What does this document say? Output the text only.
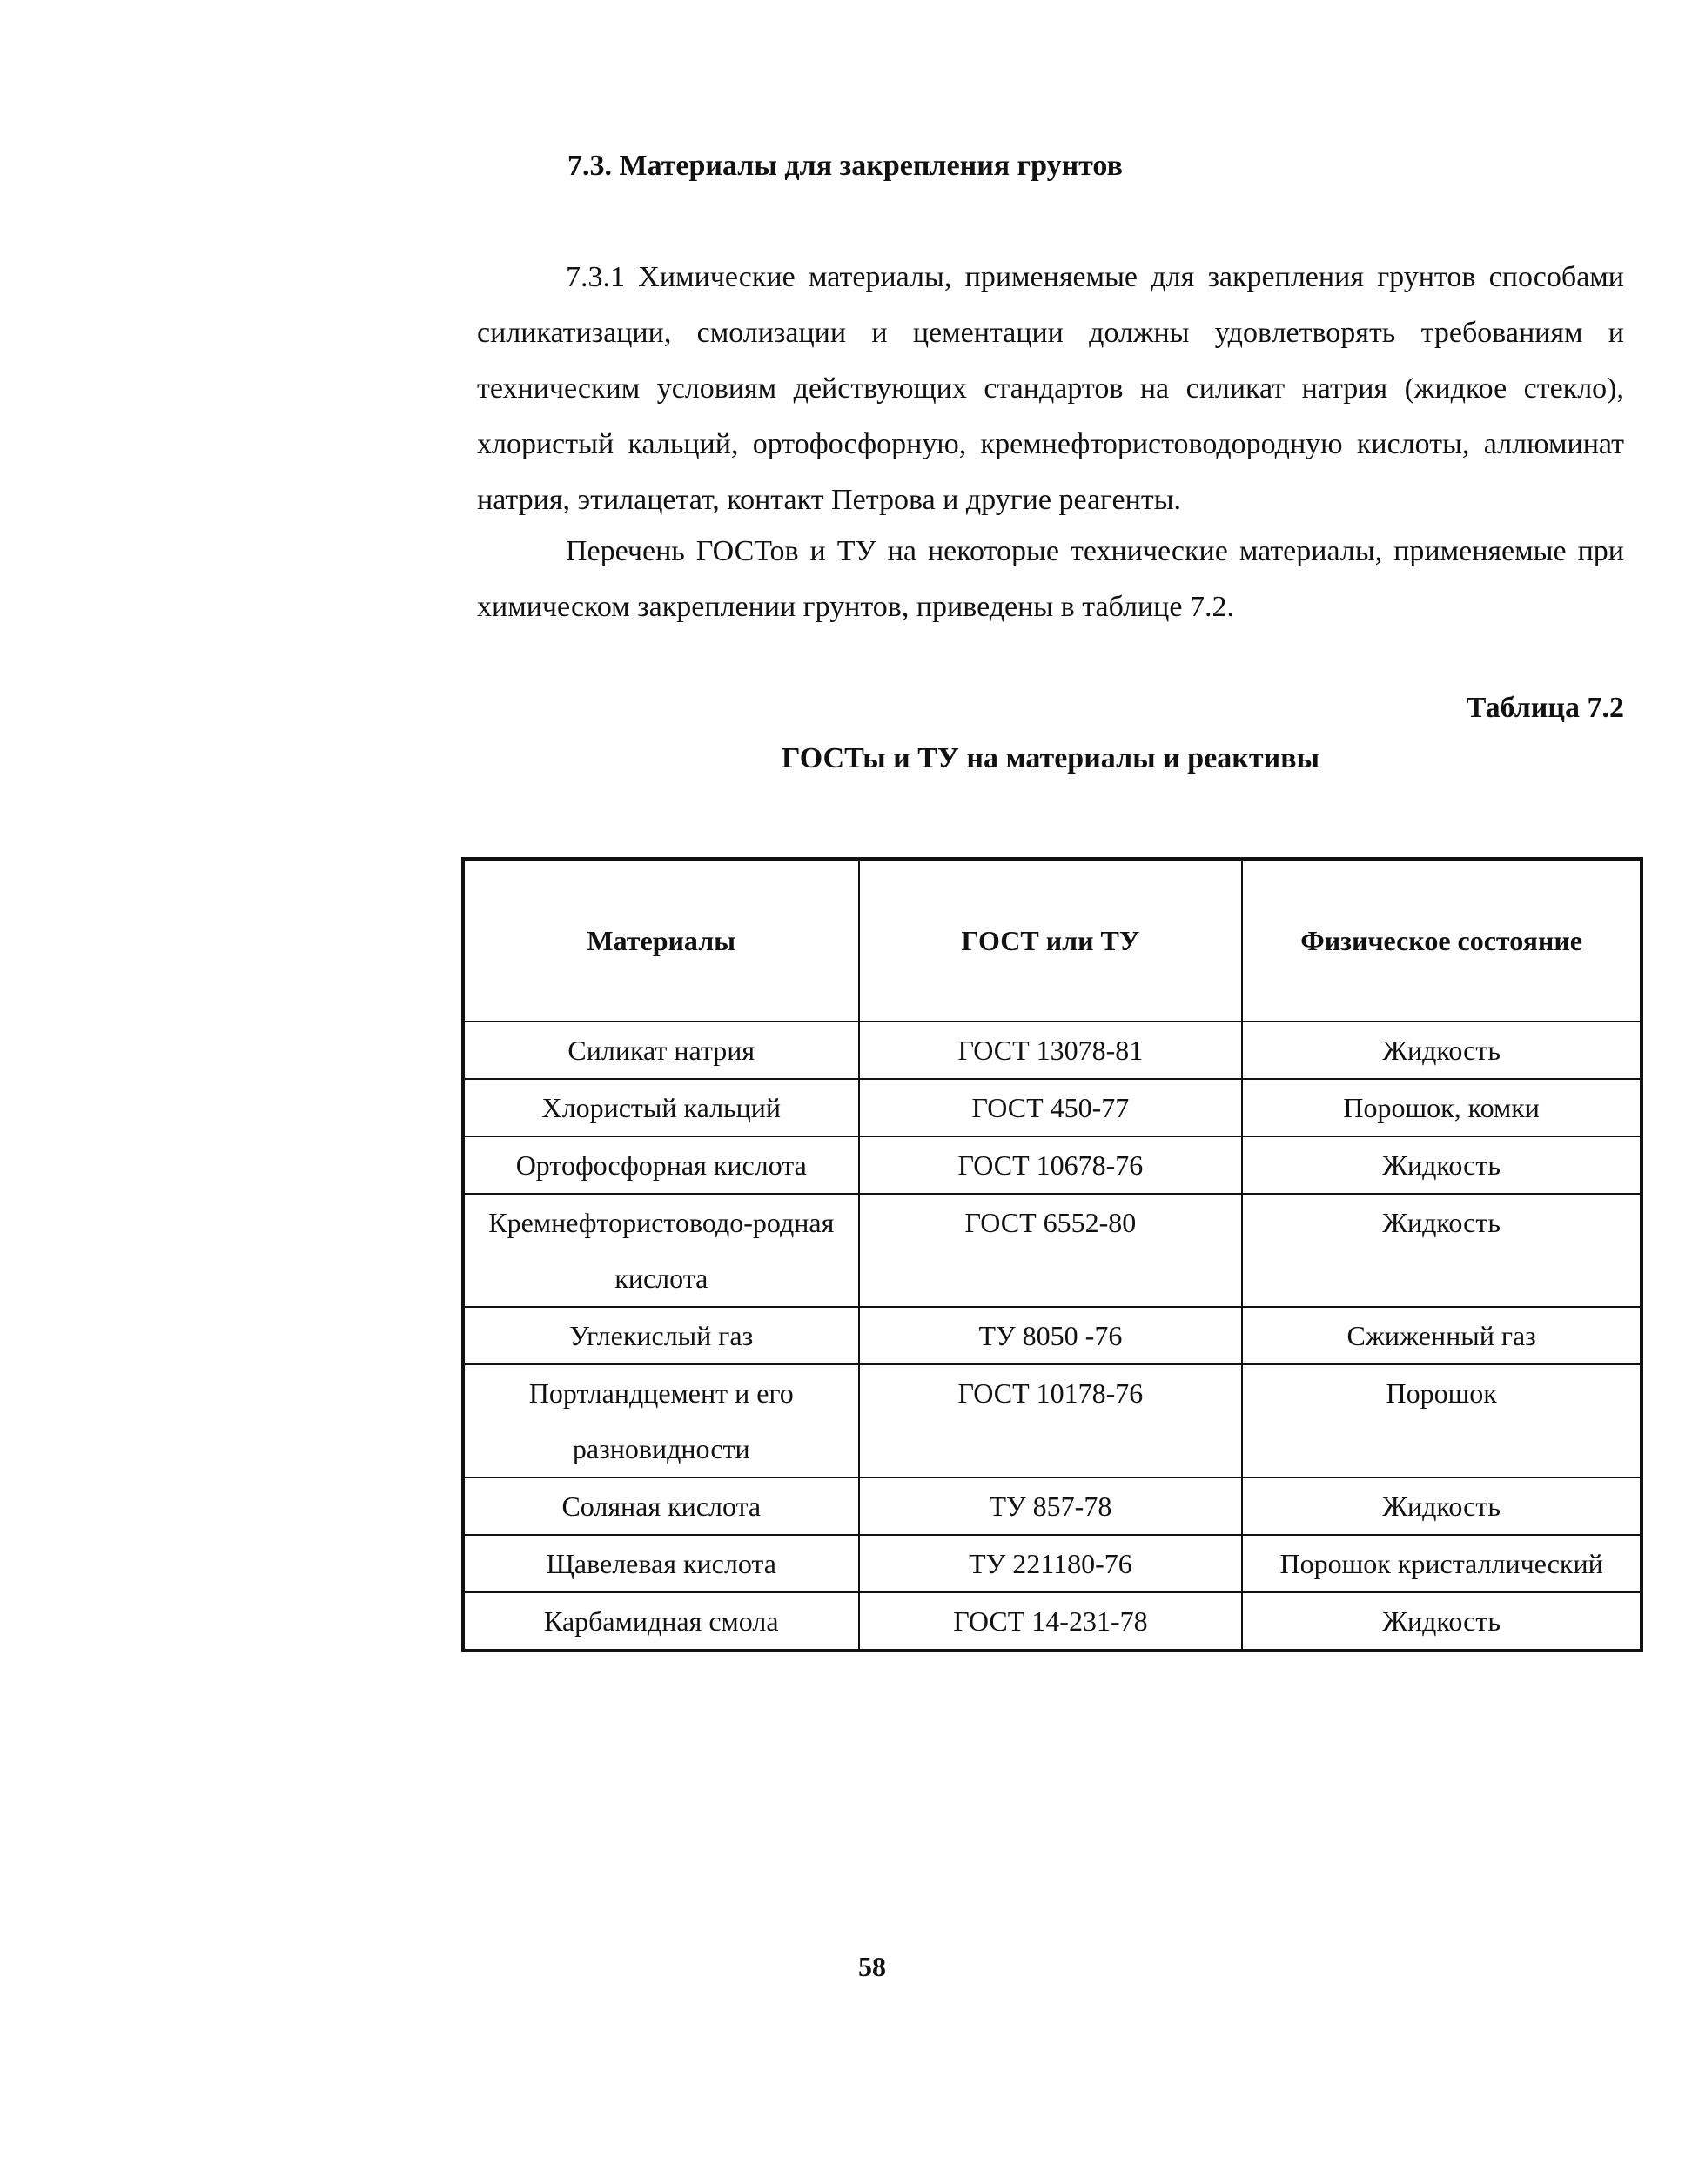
7.3. Материалы для закрепления грунтов

7.3.1 Химические материалы, применяемые для закрепления грунтов способами силикатизации, смолизации и цементации должны удовлетворять требованиям и техническим условиям действующих стандартов на силикат натрия (жидкое стекло), хлористый кальций, ортофосфорную, кремнефтористоводородную кислоты, аллюминат натрия, этилацетат, контакт Петрова и другие реагенты.

Перечень ГОСТов и ТУ на некоторые технические материалы, применяемые при химическом закреплении грунтов, приведены в таблице 7.2.

Таблица 7.2
ГОСТы и ТУ на материалы и реактивы
Материалы	ГОСТ или ТУ	Физическое состояние
Силикат натрия	ГОСТ 13078-81	Жидкость
Хлористый кальций	ГОСТ 450-77	Порошок, комки
Ортофосфорная кислота	ГОСТ 10678-76	Жидкость
Кремнефтористоводо-родная кислота	ГОСТ 6552-80	Жидкость
Углекислый газ	ТУ 8050 -76	Сжиженный газ
Портландцемент и его разновидности	ГОСТ 10178-76	Порошок
Соляная кислота	ТУ 857-78	Жидкость
Щавелевая кислота	ТУ 221180-76	Порошок кристаллический
Карбамидная смола	ГОСТ 14-231-78	Жидкость
58
